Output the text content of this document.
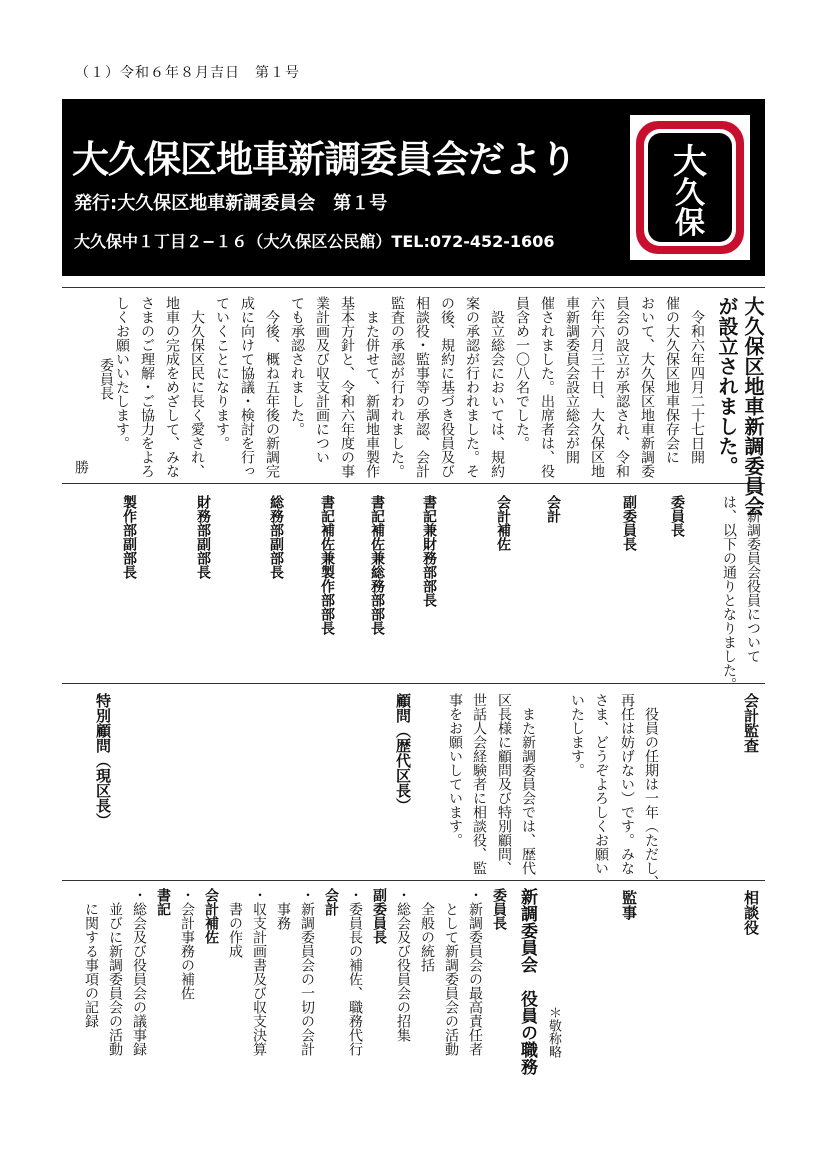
（１）令和６年８月吉日　第１号
大久保区地車新調委員会だより
発行:大久保区地車新調委員会　第１号
大久保中１丁目２−１６（大久保区公民館）TEL:072-452-1606
大
久
保
大久保区地車新調委員会
が設立されました。
　令和六年四月二十七日開
催の大久保区地車保存会に
おいて、大久保区地車新調委
員会の設立が承認され、令和
六年六月三十日、大久保区地
車新調委員会設立総会が開
催されました。出席者は、役
員含め一〇八名でした。
　設立総会においては、規約
案の承認が行われました。そ
の後、規約に基づき役員及び
相談役・監事等の承認、会計
監査の承認が行われました。
　また併せて、新調地車製作
基本方針と、令和六年度の事
業計画及び収支計画につい
ても承認されました。
　今後、概ね五年後の新調完
成に向けて協議・検討を行っ
ていくことになります。
　大久保区民に長く愛され、
地車の完成をめざして、みな
さまのご理解・ご協力をよろ
しくお願いいたします。
委員長
勝
　新調委員会役員について
は、以下の通りとなりました。
委員長
副委員長
会計
会計補佐
書記兼財務部部長
書記補佐兼総務部部長
書記補佐兼製作部部長
総務部副部長
財務部副部長
製作部副部長
会計監査
　役員の任期は一年（ただし、
再任は妨げない）です。みな
さま、どうぞよろしくお願い
いたします。
　また新調委員会では、歴代
区長様に顧問及び特別顧問、
世話人会経験者に相談役、監
事をお願いしています。
顧問（歴代区長）
特別顧問（現区長）
相談役
監事
＊敬称略
新調委員会　役員の職務
委員長
・新調委員会の最高責任者
　として新調委員会の活動
　全般の統括
・総会及び役員会の招集
副委員長
・委員長の補佐、職務代行
会計
・新調委員会の一切の会計
　事務
・収支計画書及び収支決算
　書の作成
会計補佐
・会計事務の補佐
書記
・総会及び役員会の議事録
　並びに新調委員会の活動
　に関する事項の記録
